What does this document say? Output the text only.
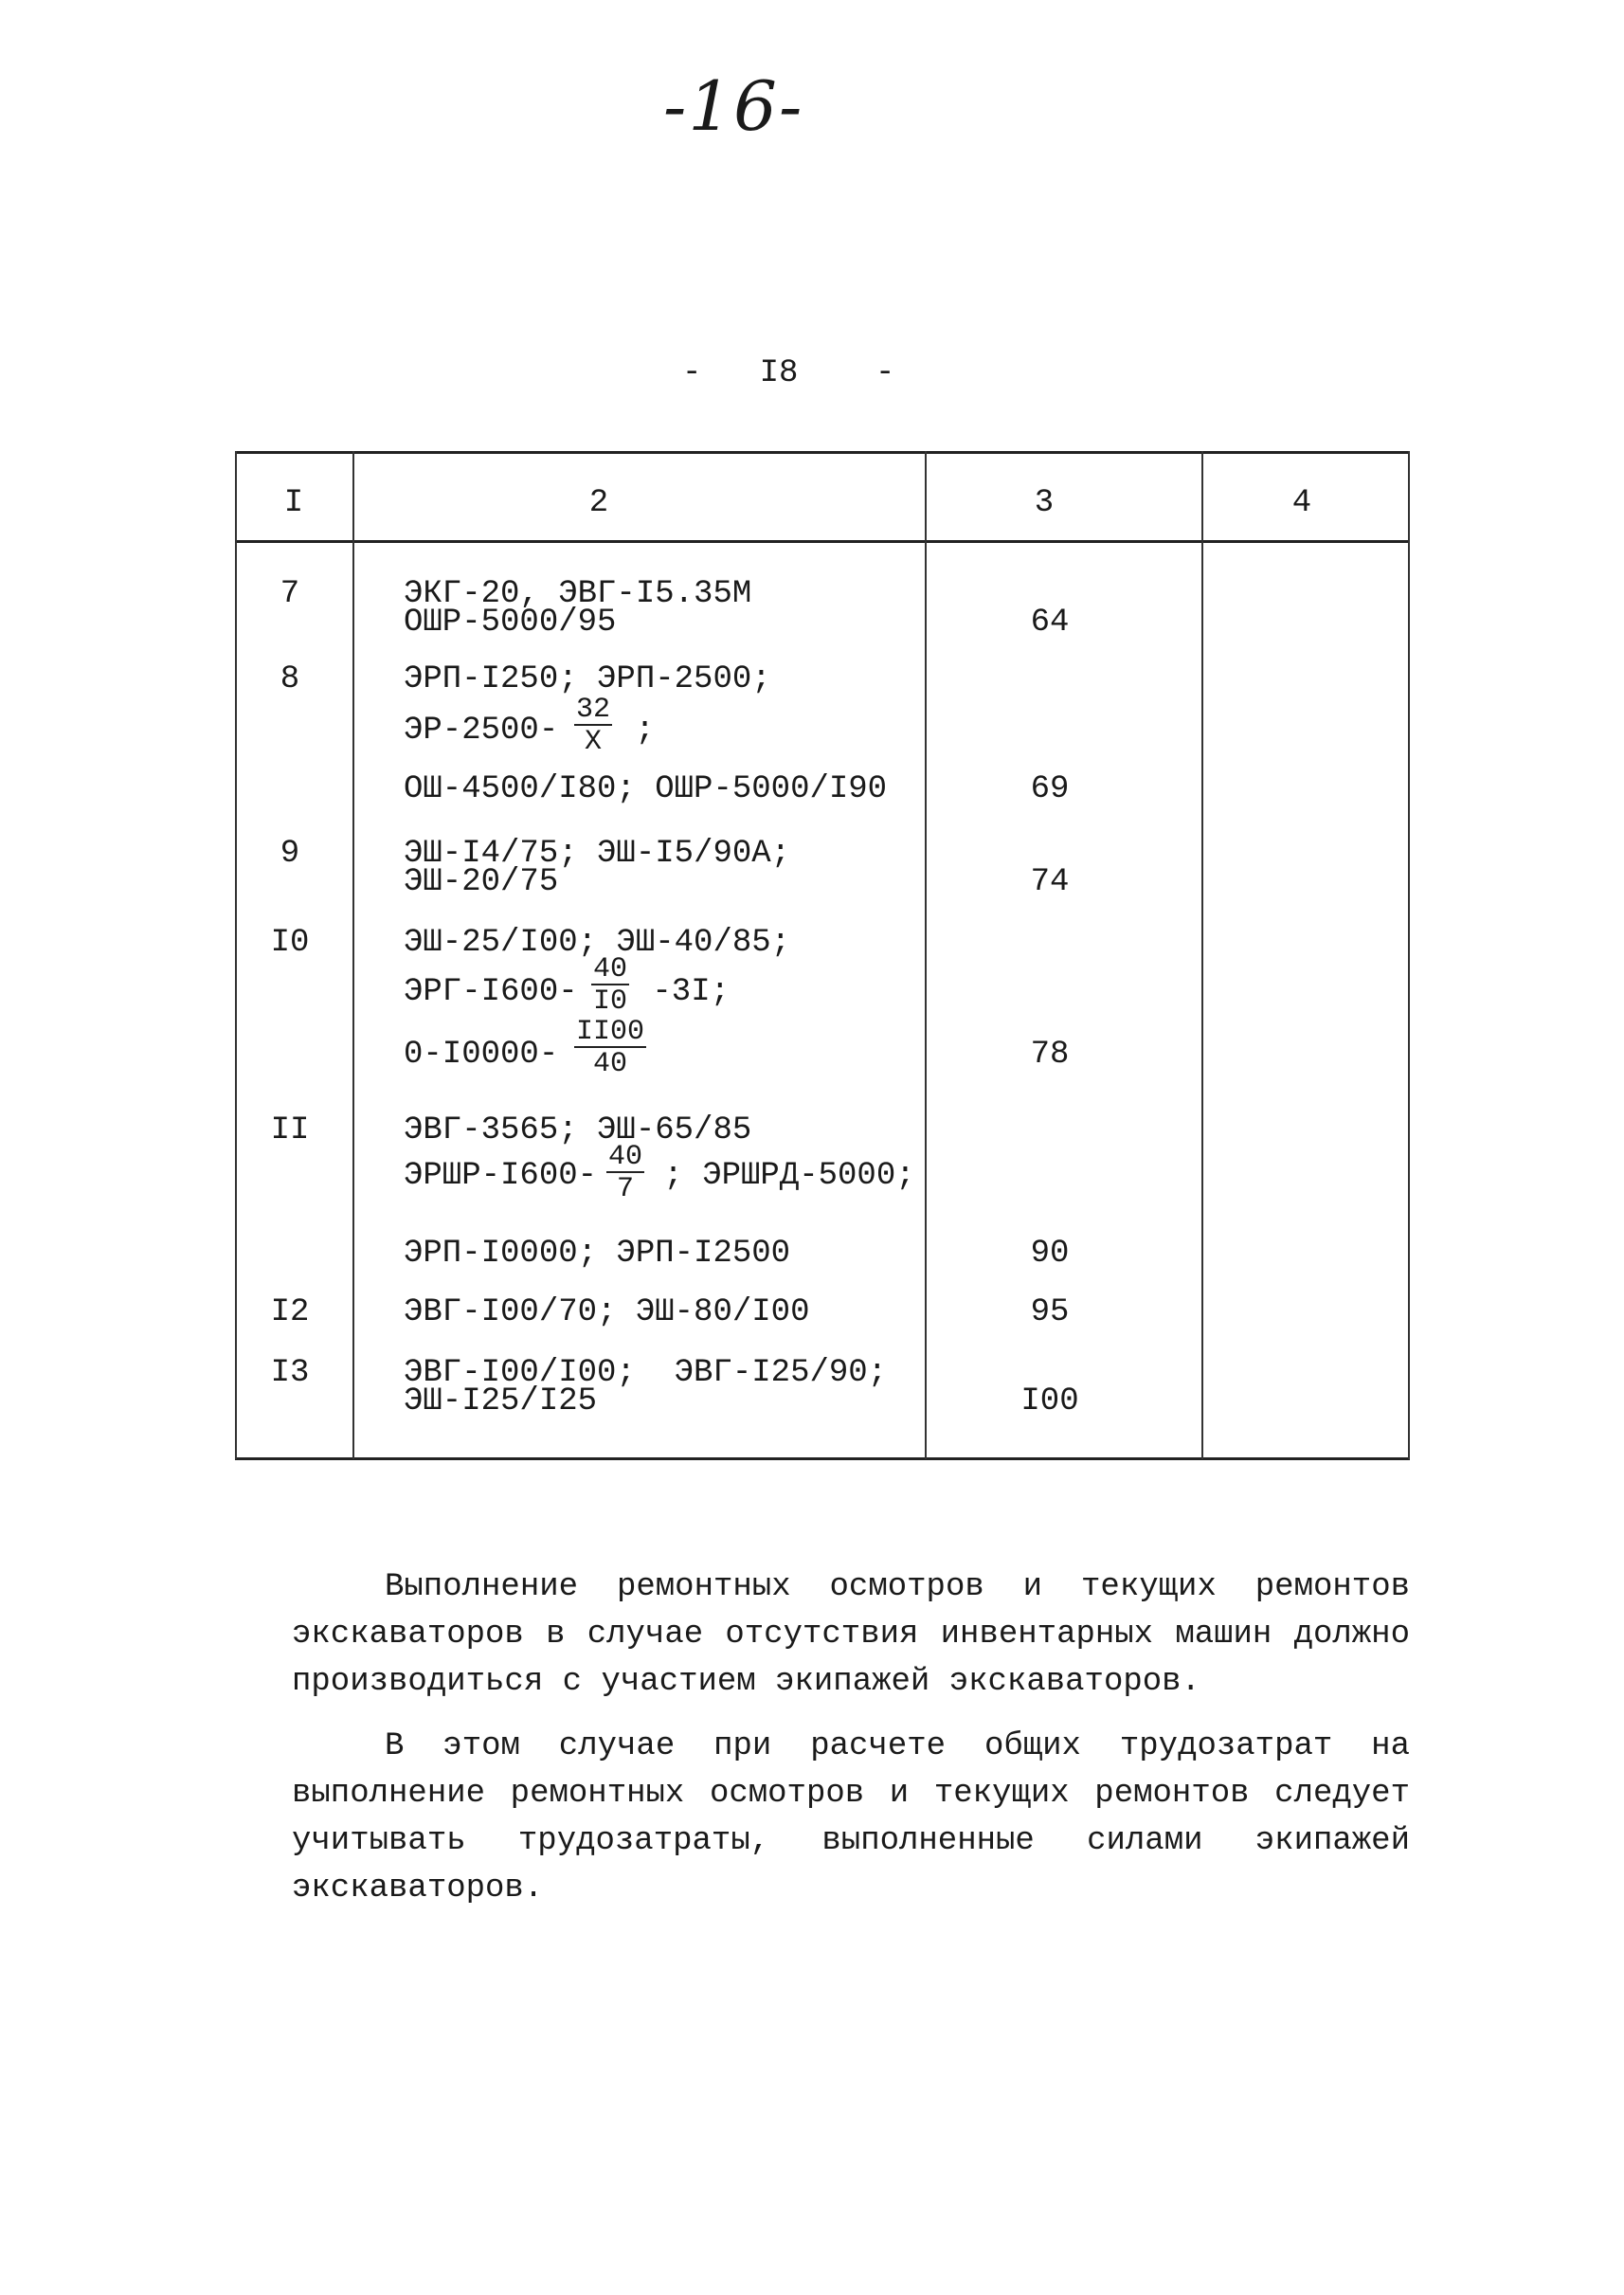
-16-
-   I8    -
I	2	3	4
7	ЭКГ-20, ЭВГ-I5.35М
ОШР-5000/95	64
8	ЭРП-I250; ЭРП-2500;
ЭР-2500-
$\frac{32}{X}$ ;
ОШ-4500/I80; ОШР-5000/I90	69
9	ЭШ-I4/75; ЭШ-I5/90А;
ЭШ-20/75	74
I0	ЭШ-25/I00; ЭШ-40/85;
ЭРГ-I600-
$\frac{40}{I0} -3I$;
0-I0000-
$\frac{II00}{40}$	78
II	ЭВГ-3565; ЭШ-65/85
ЭРШР-I600-
$\frac{40}{7}$ ; ЭРШРД-5000;
ЭРП-I0000; ЭРП-I2500	90
I2	ЭВГ-I00/70; ЭШ-80/I00	95
I3	ЭВГ-I00/I00;  ЭВГ-I25/90;
ЭШ-I25/I25	I00

Выполнение ремонтных осмотров и текущих ремонтов экскаваторов в случае отсутствия инвентарных машин должно производиться с участием экипажей экскаваторов.

В этом случае при расчете общих трудозатрат на выполнение ремонтных осмотров и текущих ремонтов следует учитывать трудозатраты, выполненные силами экипажей экскаваторов.
